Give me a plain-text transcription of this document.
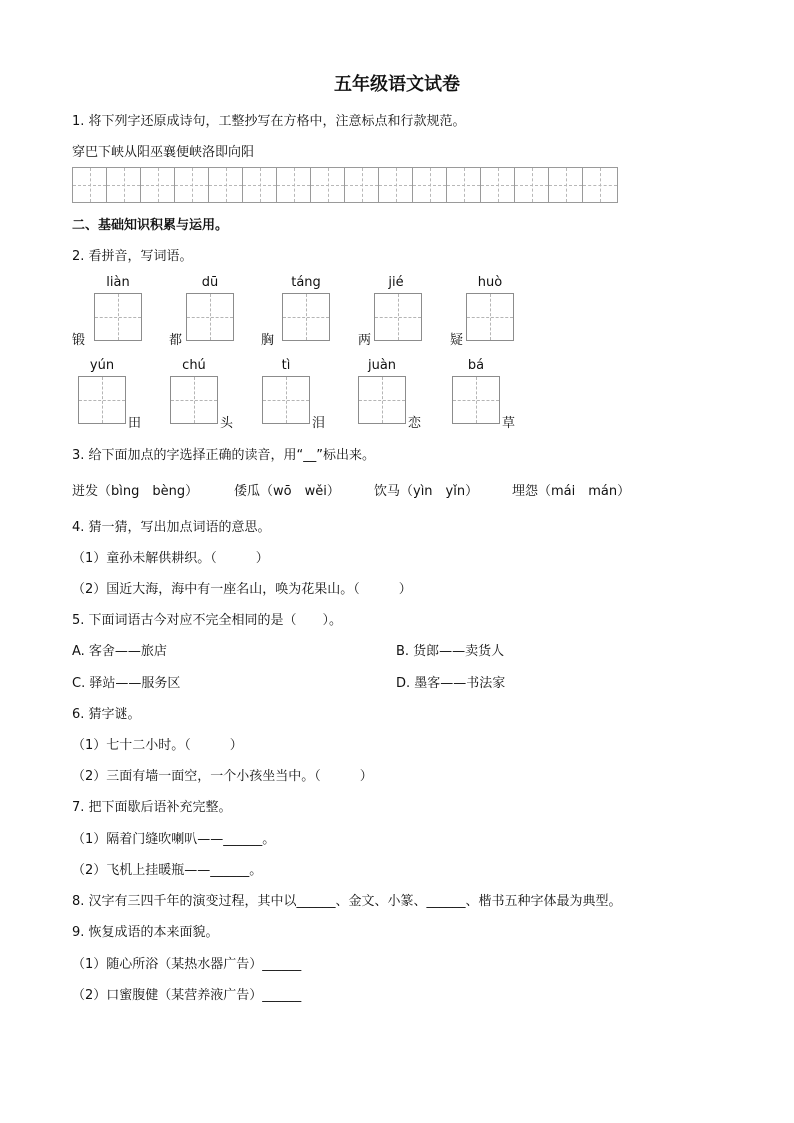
五年级语文试卷
1. 将下列字还原成诗句，工整抄写在方格中，注意标点和行款规范。
穿巴下峡从阳巫襄便峡洛即向阳
二、基础知识积累与运用。
2. 看拼音，写词语。
liàn
锻
dū
都
táng
胸
jié
两
huò
疑
yún
田
chú
头
tì
泪
juàn
恋
bá
草
3. 给下面加点的字选择正确的读音，用“__”标出来。
迸发（bìng　bèng）	倭瓜（wō　wěi）	饮马（yìn　yǐn）	埋怨（mái　mán）
4. 猜一猜，写出加点词语的意思。
（1）童孙未解供耕织。（　　　）
（2）国近大海，海中有一座名山，唤为花果山。（　　　）
5. 下面词语古今对应不完全相同的是（　　）。
A. 客舍——旅店	B. 货郎——卖货人
C. 驿站——服务区	D. 墨客——书法家
6. 猜字谜。
（1）七十二小时。（　　　）
（2）三面有墙一面空，一个小孩坐当中。（　　　）
7. 把下面歇后语补充完整。
（1）隔着门缝吹喇叭——______。
（2）飞机上挂暖瓶——______。
8. 汉字有三四千年的演变过程，其中以______、金文、小篆、______、楷书五种字体最为典型。
9. 恢复成语的本来面貌。
（1）随心所浴（某热水器广告）______
（2）口蜜腹健（某营养液广告）______
